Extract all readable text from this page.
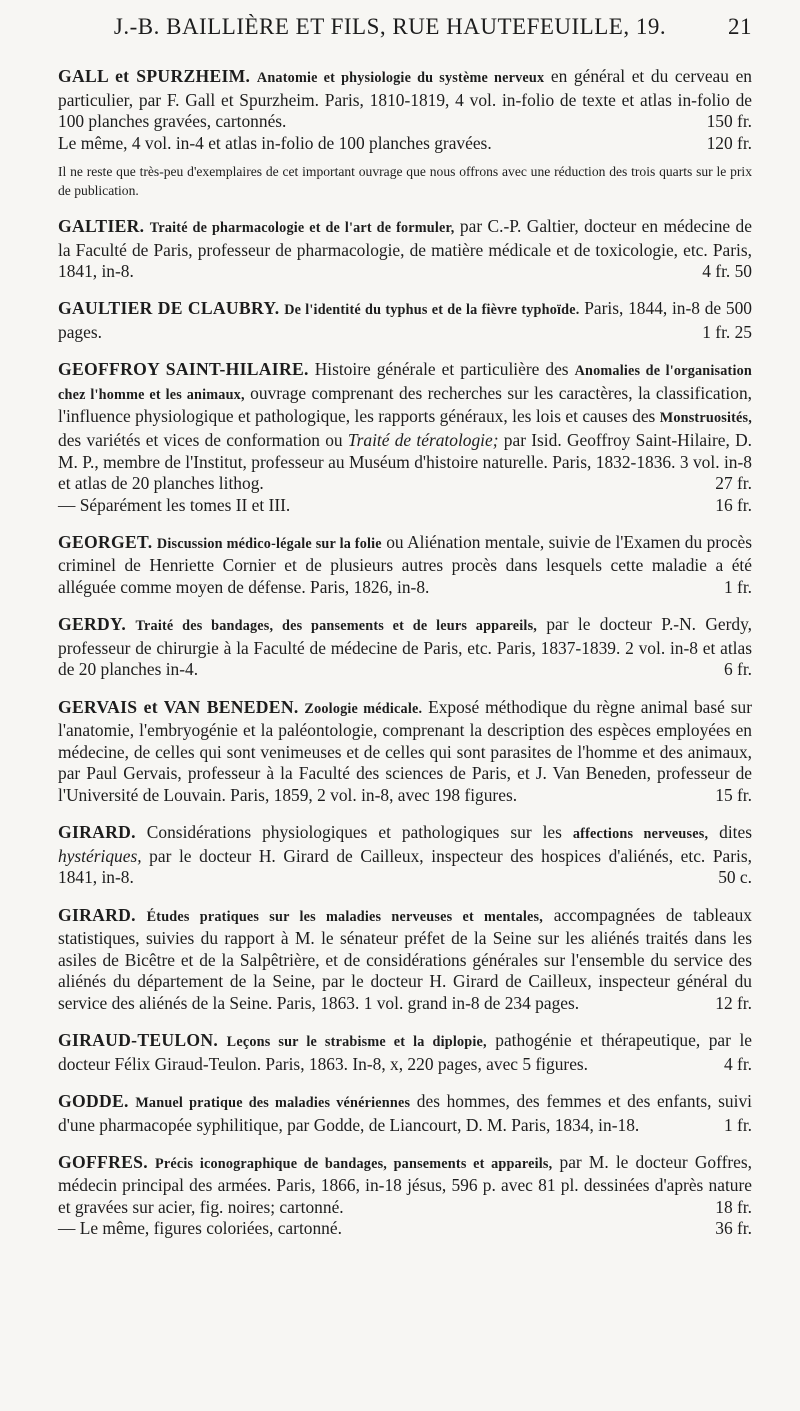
J.-B. BAILLIÈRE ET FILS, RUE HAUTEFEUILLE, 19.	21

GALL et SPURZHEIM. Anatomie et physiologie du système nerveux en général et du cerveau en particulier, par F. Gall et Spurzheim. Paris, 1810-1819, 4 vol. in-folio de texte et atlas in-folio de 100 planches gravées, cartonnés.	150 fr.

Le même, 4 vol. in-4 et atlas in-folio de 100 planches gravées.	120 fr.

Il ne reste que très-peu d'exemplaires de cet important ouvrage que nous offrons avec une réduction des trois quarts sur le prix de publication.

GALTIER. Traité de pharmacologie et de l'art de formuler, par C.-P. Galtier, docteur en médecine de la Faculté de Paris, professeur de pharmacologie, de matière médicale et de toxicologie, etc. Paris, 1841, in-8.	4 fr. 50

GAULTIER DE CLAUBRY. De l'identité du typhus et de la fièvre typhoïde. Paris, 1844, in-8 de 500 pages.	1 fr. 25

GEOFFROY SAINT-HILAIRE. Histoire générale et particulière des Anomalies de l'organisation chez l'homme et les animaux, ouvrage comprenant des recherches sur les caractères, la classification, l'influence physiologique et pathologique, les rapports généraux, les lois et causes des Monstruosités, des variétés et vices de conformation ou Traité de tératologie; par Isid. Geoffroy Saint-Hilaire, D. M. P., membre de l'Institut, professeur au Muséum d'histoire naturelle. Paris, 1832-1836. 3 vol. in-8 et atlas de 20 planches lithog.	27 fr.

— Séparément les tomes II et III.	16 fr.

GEORGET. Discussion médico-légale sur la folie ou Aliénation mentale, suivie de l'Examen du procès criminel de Henriette Cornier et de plusieurs autres procès dans lesquels cette maladie a été alléguée comme moyen de défense. Paris, 1826, in-8.	1 fr.

GERDY. Traité des bandages, des pansements et de leurs appareils, par le docteur P.-N. Gerdy, professeur de chirurgie à la Faculté de médecine de Paris, etc. Paris, 1837-1839. 2 vol. in-8 et atlas de 20 planches in-4.	6 fr.

GERVAIS et VAN BENEDEN. Zoologie médicale. Exposé méthodique du règne animal basé sur l'anatomie, l'embryogénie et la paléontologie, comprenant la description des espèces employées en médecine, de celles qui sont venimeuses et de celles qui sont parasites de l'homme et des animaux, par Paul Gervais, professeur à la Faculté des sciences de Paris, et J. Van Beneden, professeur de l'Université de Louvain. Paris, 1859, 2 vol. in-8, avec 198 figures.	15 fr.

GIRARD. Considérations physiologiques et pathologiques sur les affections nerveuses, dites hystériques, par le docteur H. Girard de Cailleux, inspecteur des hospices d'aliénés, etc. Paris, 1841, in-8.	50 c.

GIRARD. Études pratiques sur les maladies nerveuses et mentales, accompagnées de tableaux statistiques, suivies du rapport à M. le sénateur préfet de la Seine sur les aliénés traités dans les asiles de Bicêtre et de la Salpêtrière, et de considérations générales sur l'ensemble du service des aliénés du département de la Seine, par le docteur H. Girard de Cailleux, inspecteur général du service des aliénés de la Seine. Paris, 1863. 1 vol. grand in-8 de 234 pages.	12 fr.

GIRAUD-TEULON. Leçons sur le strabisme et la diplopie, pathogénie et thérapeutique, par le docteur Félix Giraud-Teulon. Paris, 1863. In-8, x, 220 pages, avec 5 figures.	4 fr.

GODDE. Manuel pratique des maladies vénériennes des hommes, des femmes et des enfants, suivi d'une pharmacopée syphilitique, par Godde, de Liancourt, D. M. Paris, 1834, in-18.	1 fr.

GOFFRES. Précis iconographique de bandages, pansements et appareils, par M. le docteur Goffres, médecin principal des armées. Paris, 1866, in-18 jésus, 596 p. avec 81 pl. dessinées d'après nature et gravées sur acier, fig. noires; cartonné.	18 fr.

— Le même, figures coloriées, cartonné.	36 fr.
